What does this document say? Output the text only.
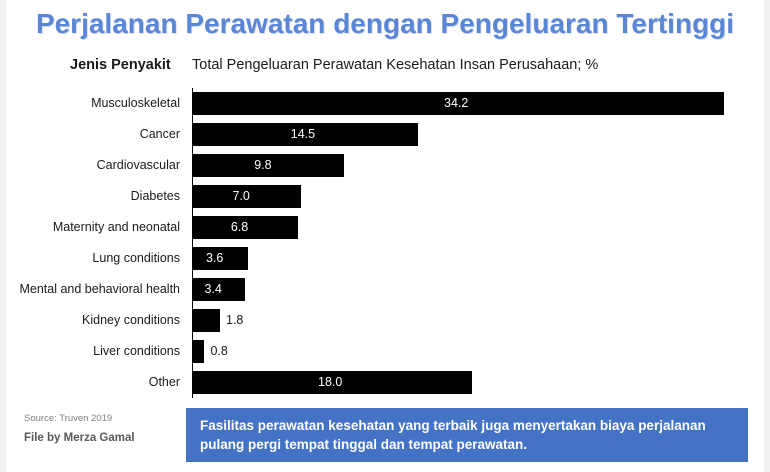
Perjalanan Perawatan dengan Pengeluaran Tertinggi
Jenis Penyakit	Total Pengeluaran Perawatan Kesehatan Insan Perusahaan; %
Musculoskeletal	34.2
Cancer	14.5
Cardiovascular	9.8
Diabetes	7.0
Maternity and neonatal	6.8
Lung conditions 3.6
Mental and behavioral health 3.4
Kidney conditions	1.8
Liver conditions 0.8
Other	18.0
Source: Truven 2019
File by Merza Gamal
Fasilitas perawatan kesehatan yang terbaik juga menyertakan biaya perjalanan pulang pergi tempat tinggal dan tempat perawatan.
